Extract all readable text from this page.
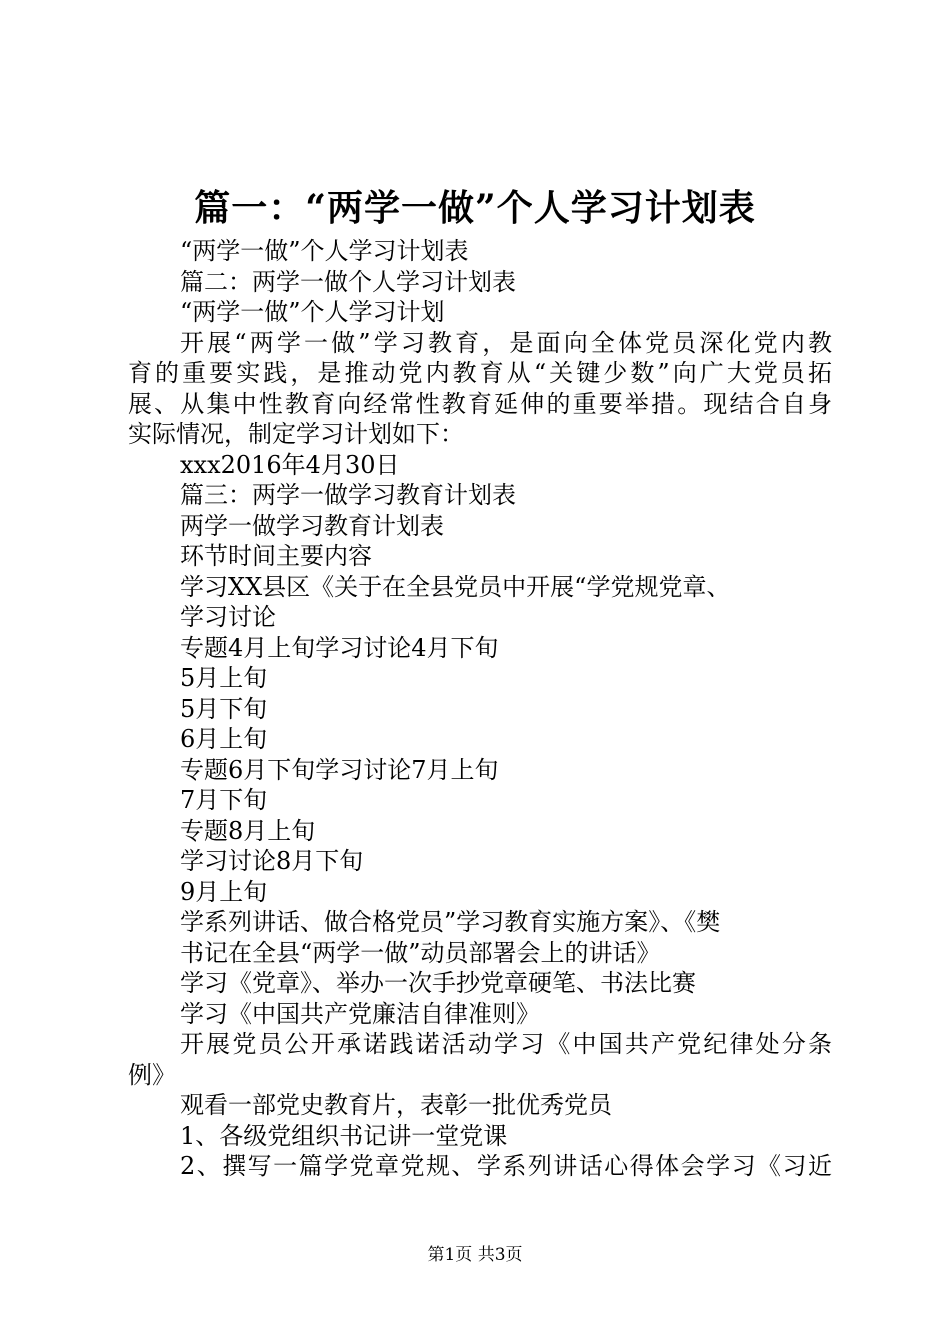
篇一：“两学一做”个人学习计划表
“两学一做”个人学习计划表
篇二：两学一做个人学习计划表
“两学一做”个人学习计划
开展“两学一做”学习教育，是面向全体党员深化党内教
育的重要实践，是推动党内教育从“关键少数”向广大党员拓
展、从集中性教育向经常性教育延伸的重要举措。现结合自身
实际情况，制定学习计划如下：
xxx2016年4月30日
篇三：两学一做学习教育计划表
两学一做学习教育计划表
环节时间主要内容
学习XX县区《关于在全县党员中开展“学党规党章、
学习讨论
专题4月上旬学习讨论4月下旬
5月上旬
5月下旬
6月上旬
专题6月下旬学习讨论7月上旬
7月下旬
专题8月上旬
学习讨论8月下旬
9月上旬
学系列讲话、做合格党员”学习教育实施方案》、《樊
书记在全县“两学一做”动员部署会上的讲话》
学习《党章》、举办一次手抄党章硬笔、书法比赛
学习《中国共产党廉洁自律准则》
开展党员公开承诺践诺活动学习《中国共产党纪律处分条
例》
观看一部党史教育片，表彰一批优秀党员
1、各级党组织书记讲一堂党课
2、撰写一篇学党章党规、学系列讲话心得体会学习《习近
第1页 共3页
